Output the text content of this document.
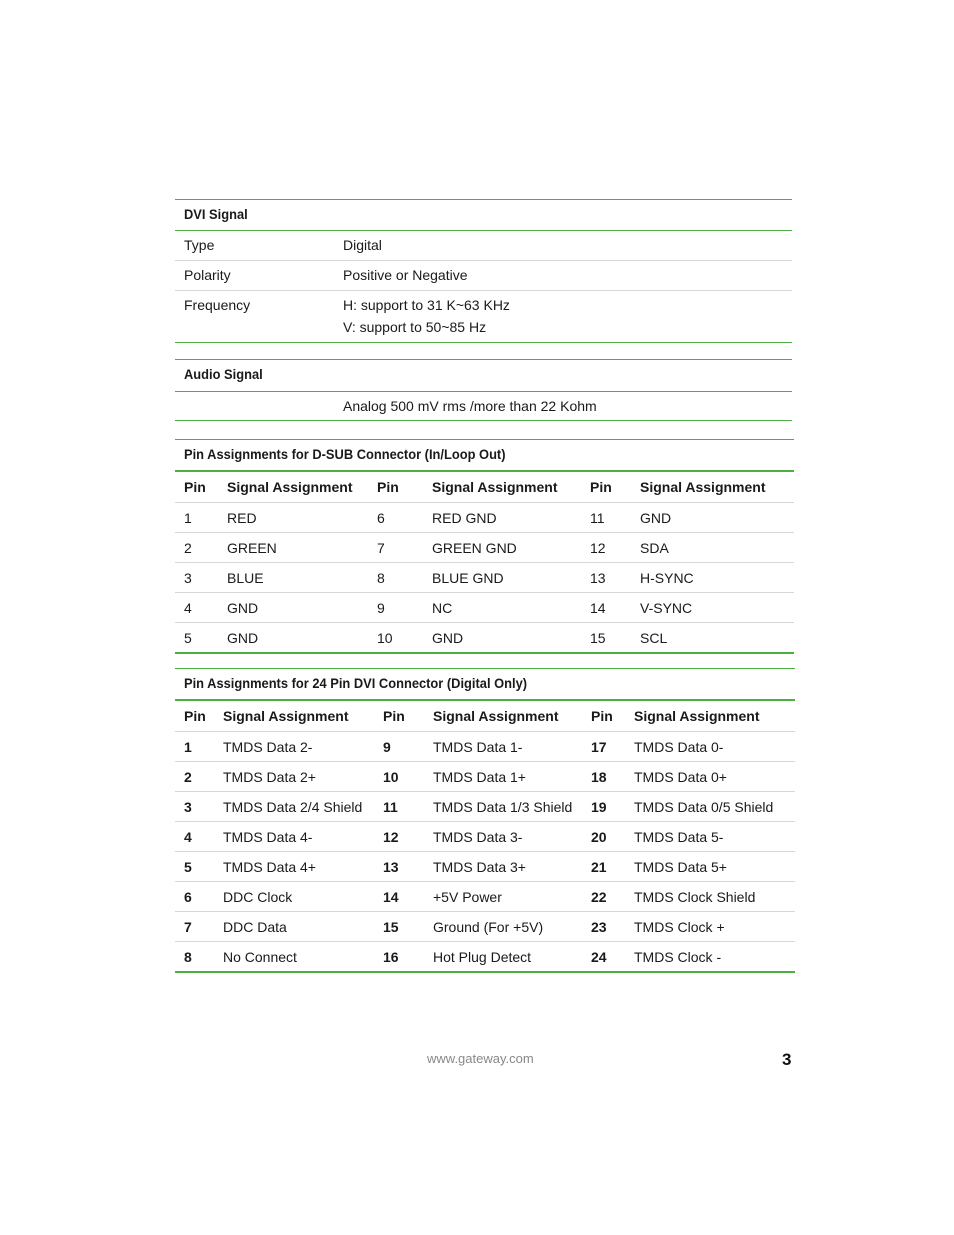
DVI Signal
Type	Digital
Polarity	Positive or Negative
Frequency	H: support to 31 K~63 KHz
V: support to 50~85 Hz
Audio Signal
Analog 500 mV rms /more than 22 Kohm
Pin Assignments for D-SUB Connector (In/Loop Out)
Pin	Signal Assignment	Pin	Signal Assignment	Pin	Signal Assignment
1	RED	6	RED GND	11	GND
2	GREEN	7	GREEN GND	12	SDA
3	BLUE	8	BLUE GND	13	H-SYNC
4	GND	9	NC	14	V-SYNC
5	GND	10	GND	15	SCL
Pin Assignments for 24 Pin DVI Connector (Digital Only)
Pin	Signal Assignment	Pin	Signal Assignment	Pin	Signal Assignment
1	TMDS Data 2-	9	TMDS Data 1-	17	TMDS Data 0-
2	TMDS Data 2+	10	TMDS Data 1+	18	TMDS Data 0+
3	TMDS Data 2/4 Shield	11	TMDS Data 1/3 Shield	19	TMDS Data 0/5 Shield
4	TMDS Data 4-	12	TMDS Data 3-	20	TMDS Data 5-
5	TMDS Data 4+	13	TMDS Data 3+	21	TMDS Data 5+
6	DDC Clock	14	+5V Power	22	TMDS Clock Shield
7	DDC Data	15	Ground (For +5V)	23	TMDS Clock +
8	No Connect	16	Hot Plug Detect	24	TMDS Clock -
www.gateway.com	3
